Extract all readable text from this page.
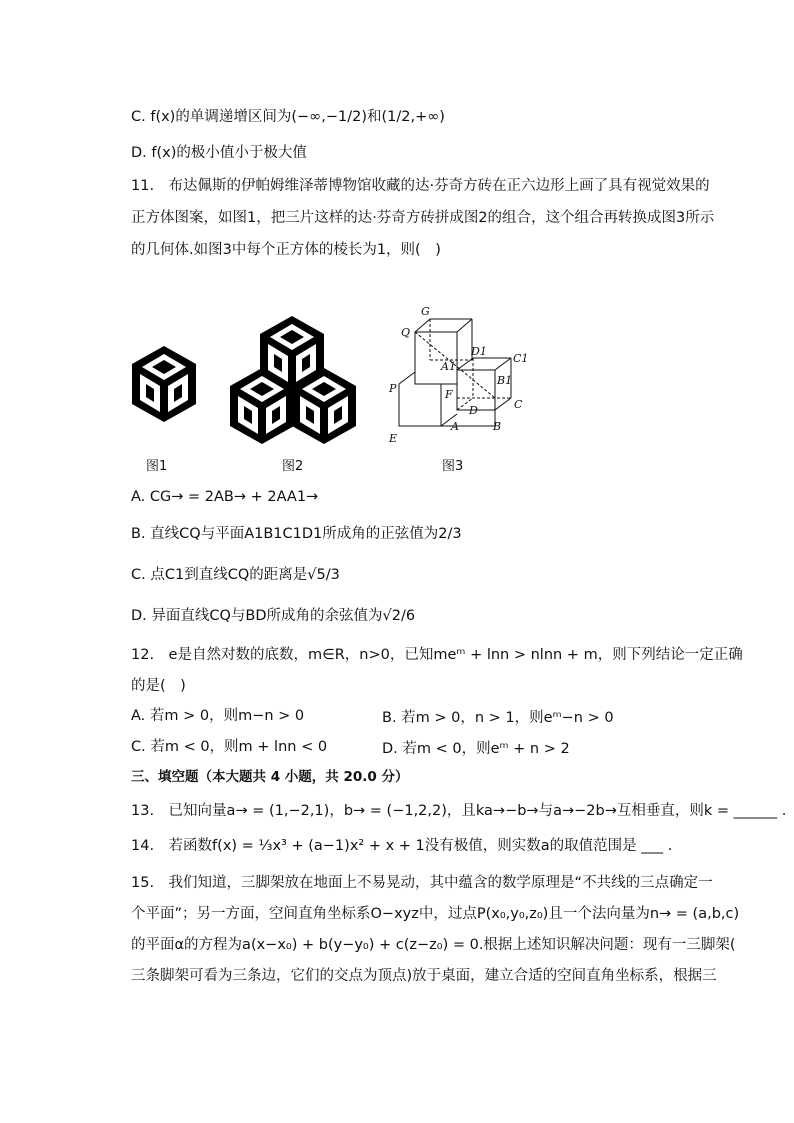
C. f(x)的单调递增区间为(−∞,−1/2)和(1/2,+∞)
D. f(x)的极小值小于极大值
11.　布达佩斯的伊帕姆维泽蒂博物馆收藏的达·芬奇方砖在正六边形上画了具有视觉效果的
正方体图案，如图1，把三片这样的达·芬奇方砖拼成图2的组合，这个组合再转换成图3所示
的几何体.如图3中每个正方体的棱长为1，则(　)
G
Q
D1
C1
A1
B1
P	F
D	C
E
A	B
图1	图2	图3
A. CG→ = 2AB→ + 2AA1→
B. 直线CQ与平面A1B1C1D1所成角的正弦值为2/3
C. 点C1到直线CQ的距离是√5/3
D. 异面直线CQ与BD所成角的余弦值为√2/6
12.　e是自然对数的底数，m∈R，n>0，已知meᵐ + lnn > nlnn + m，则下列结论一定正确
的是(　)
A. 若m > 0，则m−n > 0	B. 若m > 0，n > 1，则eᵐ−n > 0
C. 若m < 0，则m + lnn < 0	D. 若m < 0，则eᵐ + n > 2
三、填空题（本大题共 4 小题，共 20.0 分）
13.　已知向量a→ = (1,−2,1)，b→ = (−1,2,2)，且ka→−b→与a→−2b→互相垂直，则k = ______ .
14.　若函数f(x) = ⅓x³ + (a−1)x² + x + 1没有极值，则实数a的取值范围是 ___ .
15.　我们知道，三脚架放在地面上不易晃动，其中蕴含的数学原理是“不共线的三点确定一
个平面”；另一方面，空间直角坐标系O−xyz中，过点P(x₀,y₀,z₀)且一个法向量为n→ = (a,b,c)
的平面α的方程为a(x−x₀) + b(y−y₀) + c(z−z₀) = 0.根据上述知识解决问题：现有一三脚架(
三条脚架可看为三条边，它们的交点为顶点)放于桌面，建立合适的空间直角坐标系，根据三
